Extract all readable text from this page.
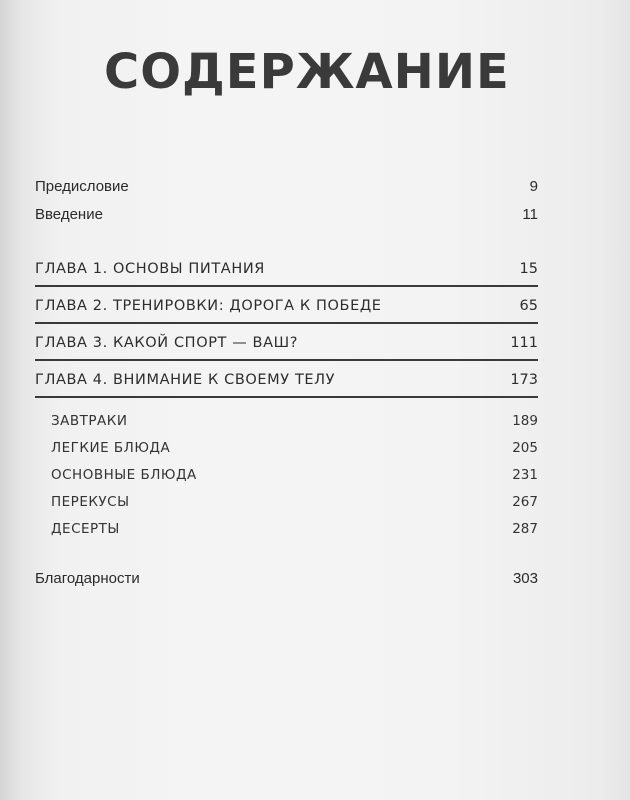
СОДЕРЖАНИЕ
Предисловие	9
Введение	11
ГЛАВА 1. ОСНОВЫ ПИТАНИЯ	15
ГЛАВА 2. ТРЕНИРОВКИ: ДОРОГА К ПОБЕДЕ	65
ГЛАВА 3. КАКОЙ СПОРТ — ВАШ?	111
ГЛАВА 4. ВНИМАНИЕ К СВОЕМУ ТЕЛУ	173
ЗАВТРАКИ	189
ЛЕГКИЕ БЛЮДА	205
ОСНОВНЫЕ БЛЮДА	231
ПЕРЕКУСЫ	267
ДЕСЕРТЫ	287
Благодарности	303
